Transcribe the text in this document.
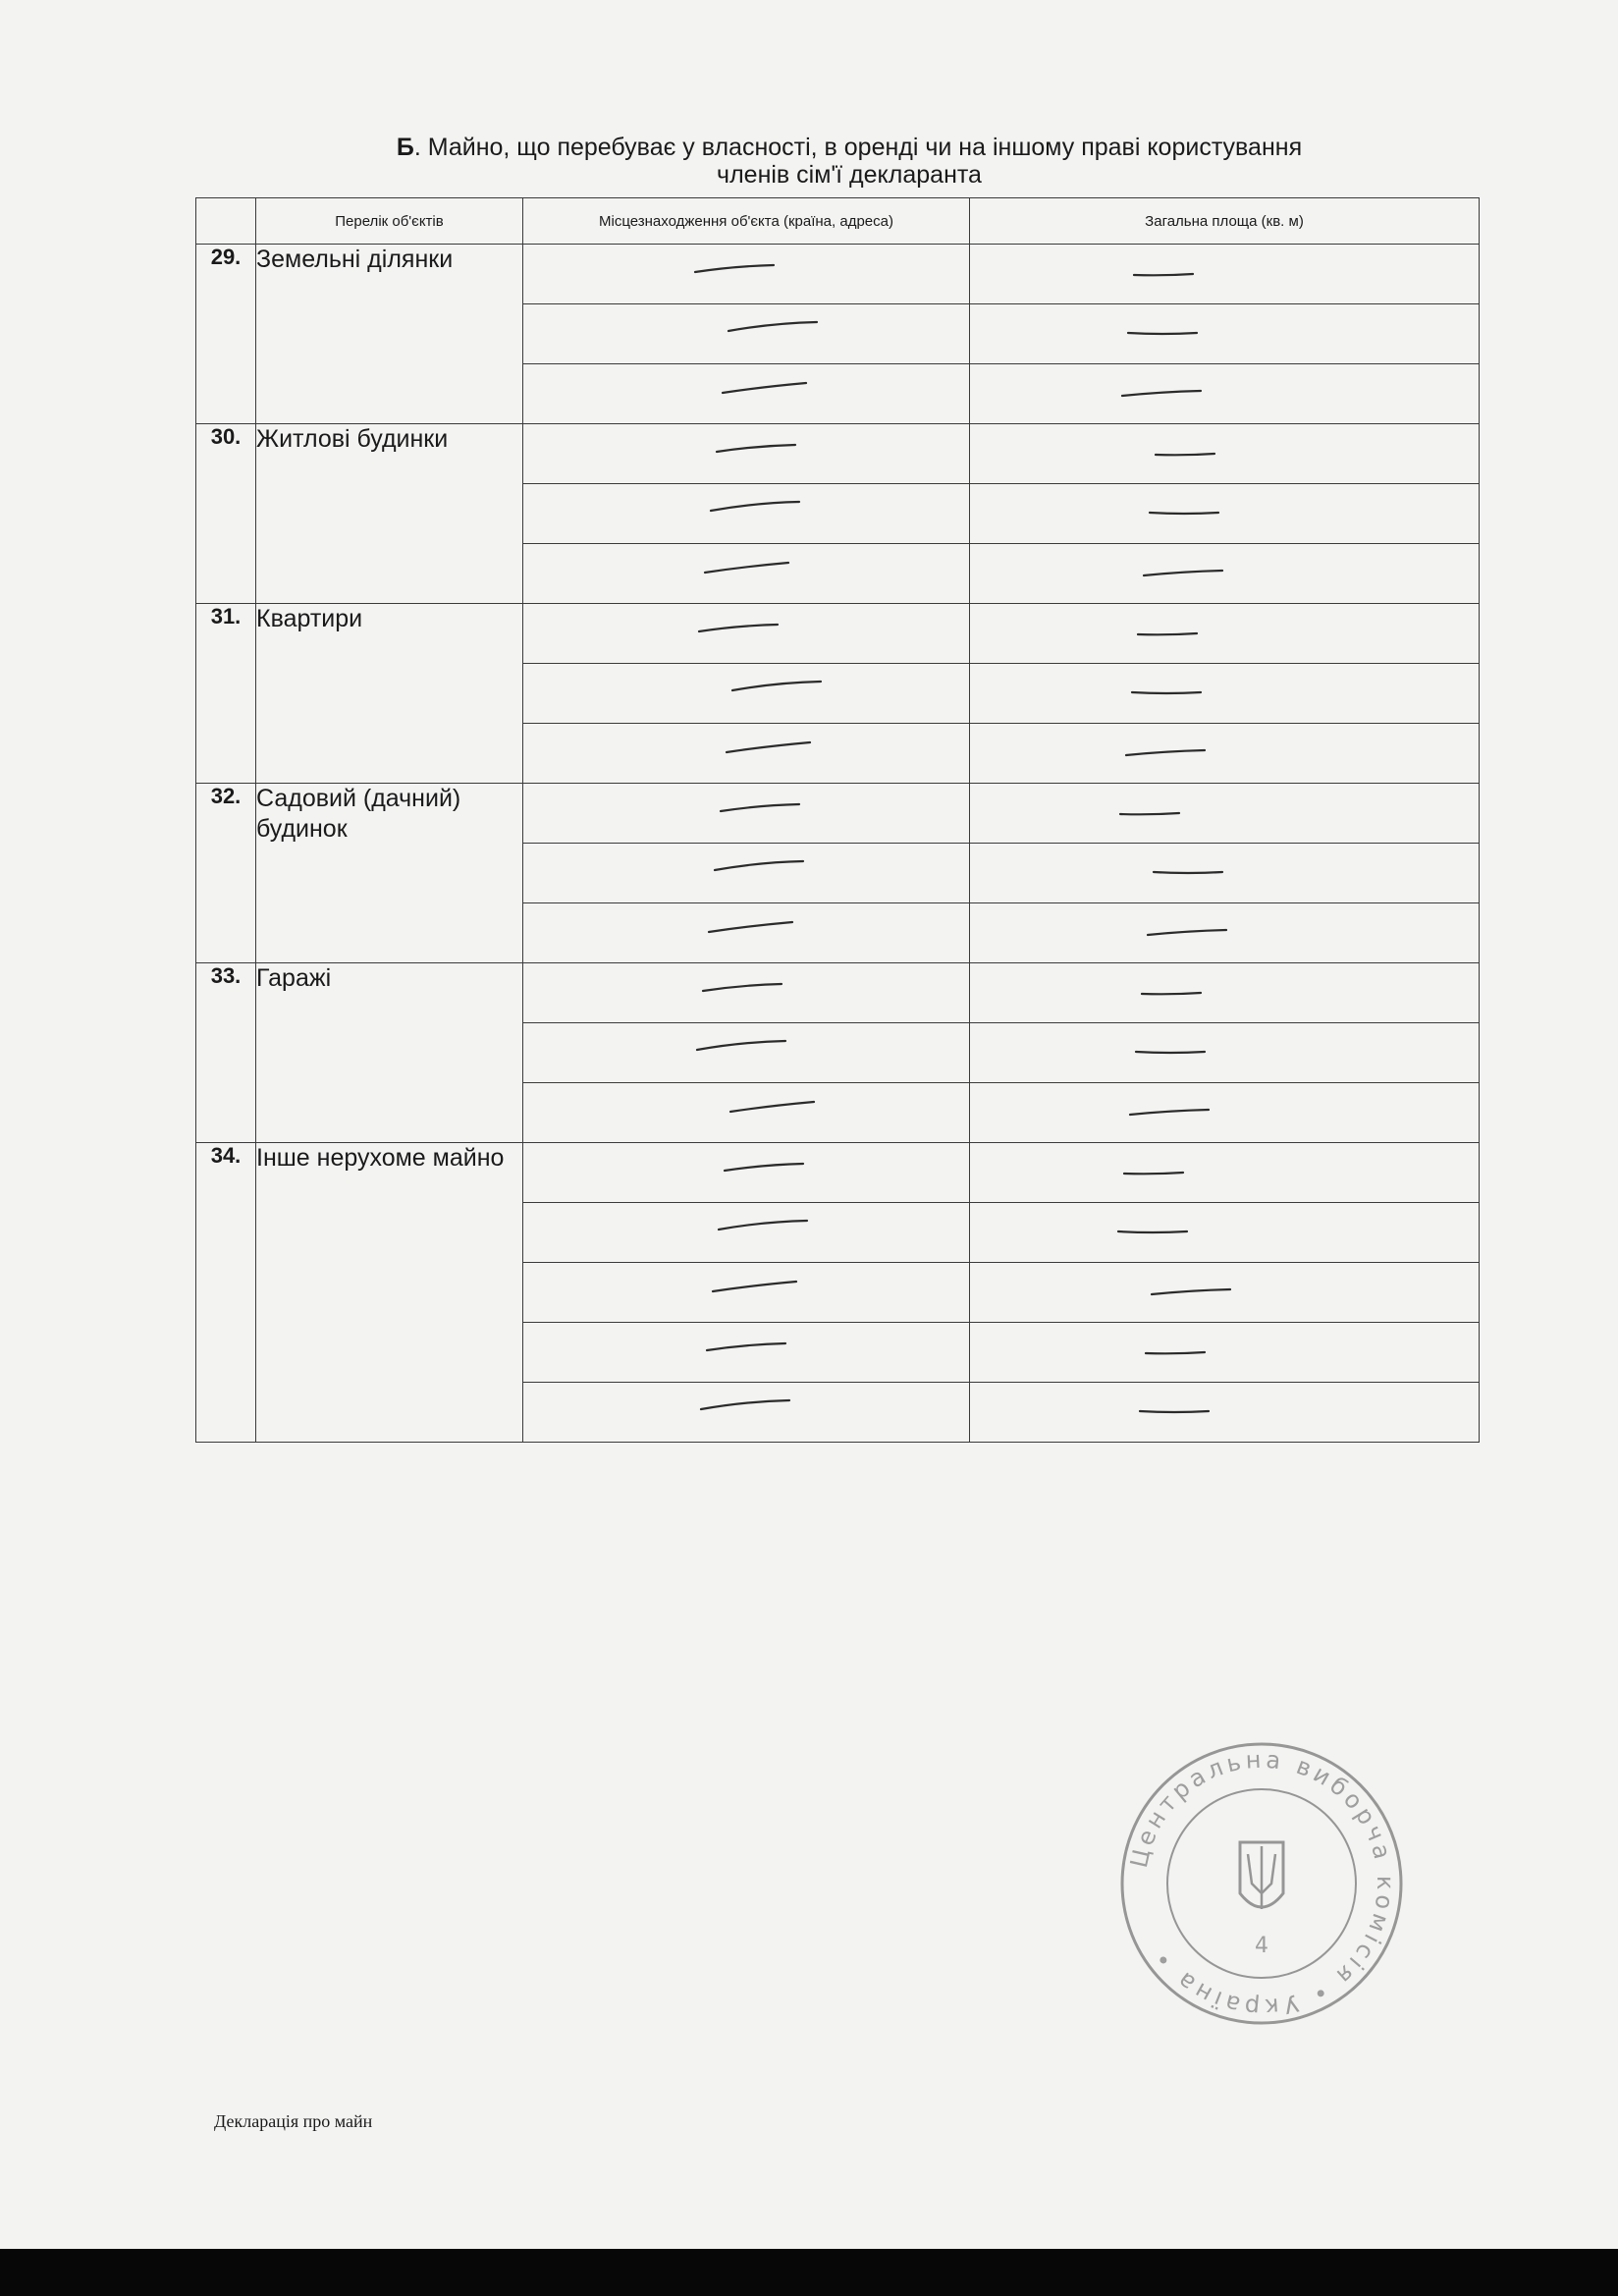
Б. Майно, що перебуває у власності, в оренді чи на іншому праві користування
членів сім'ї декларанта
	Перелік об'єктів	Місцезнаходження об'єкта (країна, адреса)	Загальна площа (кв. м)
29.	Земельні ділянки	

30.	Житлові будинки	

31.	Квартири	

32.	Садовий (дачний) будинок	

33.	Гаражі	

34.	Інше нерухоме майно	

Центральна виборча комісія • Україна •	4
Декларація про майн
